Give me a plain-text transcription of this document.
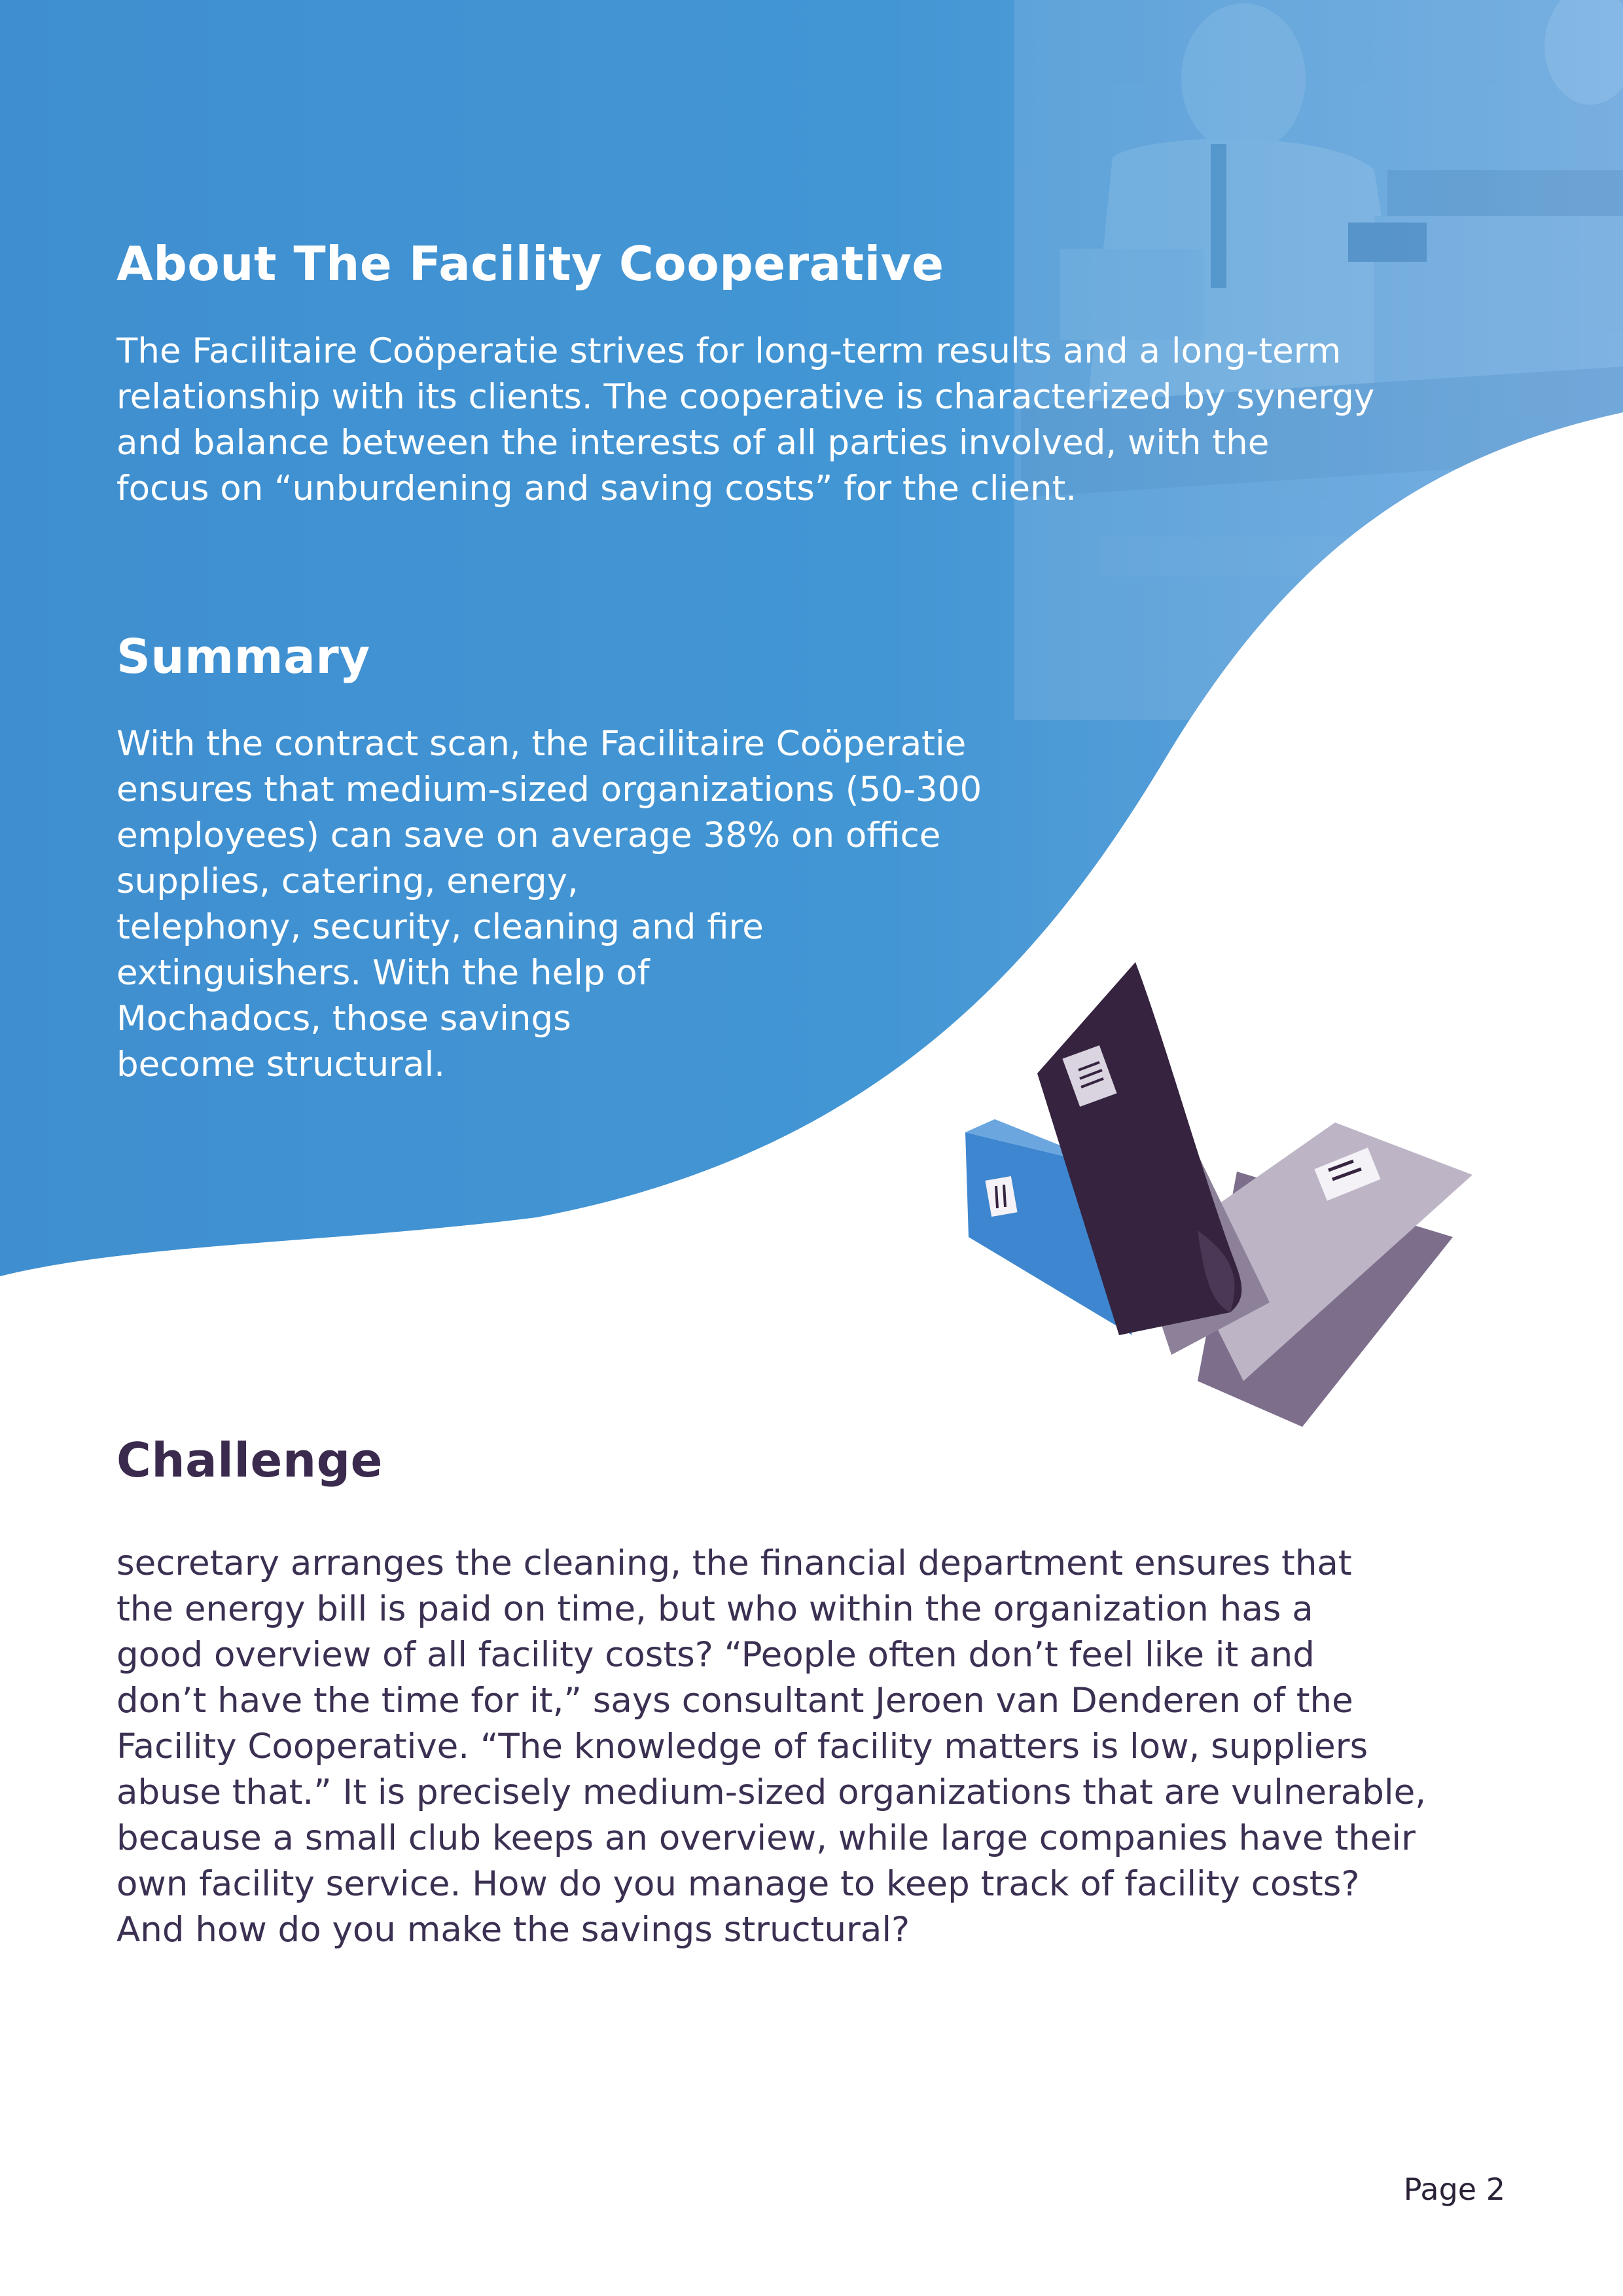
About The Facility Cooperative

The Facilitaire Coöperatie strives for long-term results and a long-term
relationship with its clients. The cooperative is characterized by synergy
and balance between the interests of all parties involved, with the
focus on “unburdening and saving costs” for the client.

Summary

With the contract scan, the Facilitaire Coöperatie
ensures that medium-sized organizations (50-300
employees) can save on average 38% on office
supplies, catering, energy,
telephony, security, cleaning and fire
extinguishers. With the help of
Mochadocs, those savings
become structural.

Challenge

secretary arranges the cleaning, the financial department ensures that
the energy bill is paid on time, but who within the organization has a
good overview of all facility costs? “People often don’t feel like it and
don’t have the time for it,” says consultant Jeroen van Denderen of the
Facility Cooperative. “The knowledge of facility matters is low, suppliers
abuse that.” It is precisely medium-sized organizations that are vulnerable,
because a small club keeps an overview, while large companies have their
own facility service. How do you manage to keep track of facility costs?
And how do you make the savings structural?

Page 2
